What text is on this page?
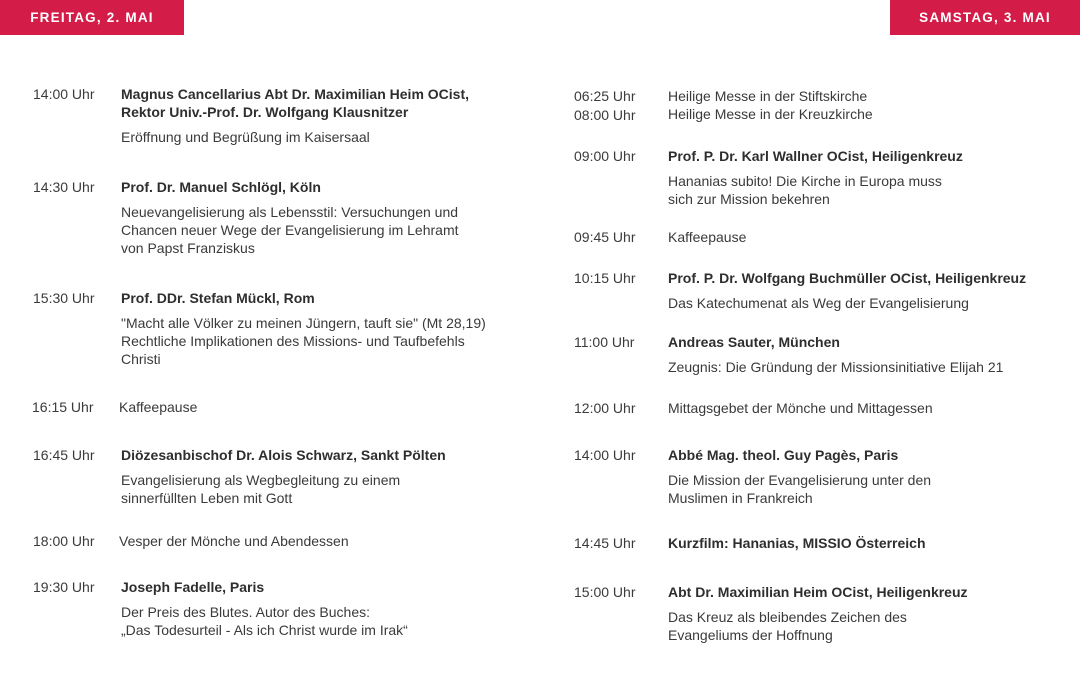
FREITAG, 2. MAI	SAMSTAG, 3. MAI
14:00 Uhr Magnus Cancellarius Abt Dr. Maximilian Heim OCist,
Rektor Univ.-Prof. Dr. Wolfgang Klausnitzer
Eröffnung und Begrüßung im Kaisersaal
14:30 Uhr Prof. Dr. Manuel Schlögl, Köln
Neuevangelisierung als Lebensstil: Versuchungen und
Chancen neuer Wege der Evangelisierung im Lehramt
von Papst Franziskus
15:30 Uhr Prof. DDr. Stefan Mückl, Rom
"Macht alle Völker zu meinen Jüngern, tauft sie" (Mt 28,19)
Rechtliche Implikationen des Missions- und Taufbefehls
Christi
16:15 Uhr Kaffeepause
16:45 Uhr Diözesanbischof Dr. Alois Schwarz, Sankt Pölten
Evangelisierung als Wegbegleitung zu einem
sinnerfüllten Leben mit Gott
18:00 Uhr Vesper der Mönche und Abendessen
19:30 Uhr Joseph Fadelle, Paris
Der Preis des Blutes. Autor des Buches:
„Das Todesurteil - Als ich Christ wurde im Irak“
06:25 Uhr
08:00 Uhr
Heilige Messe in der Stiftskirche
Heilige Messe in der Kreuzkirche
09:00 Uhr Prof. P. Dr. Karl Wallner OCist, Heiligenkreuz
Hananias subito! Die Kirche in Europa muss
sich zur Mission bekehren
09:45 Uhr Kaffeepause
10:15 Uhr Prof. P. Dr. Wolfgang Buchmüller OCist, Heiligenkreuz
Das Katechumenat als Weg der Evangelisierung
11:00 Uhr Andreas Sauter, München
Zeugnis: Die Gründung der Missionsinitiative Elijah 21
12:00 Uhr Mittagsgebet der Mönche und Mittagessen
14:00 Uhr Abbé Mag. theol. Guy Pagès, Paris
Die Mission der Evangelisierung unter den
Muslimen in Frankreich
14:45 Uhr Kurzfilm: Hananias, MISSIO Österreich
15:00 Uhr Abt Dr. Maximilian Heim OCist, Heiligenkreuz
Das Kreuz als bleibendes Zeichen des
Evangeliums der Hoffnung
